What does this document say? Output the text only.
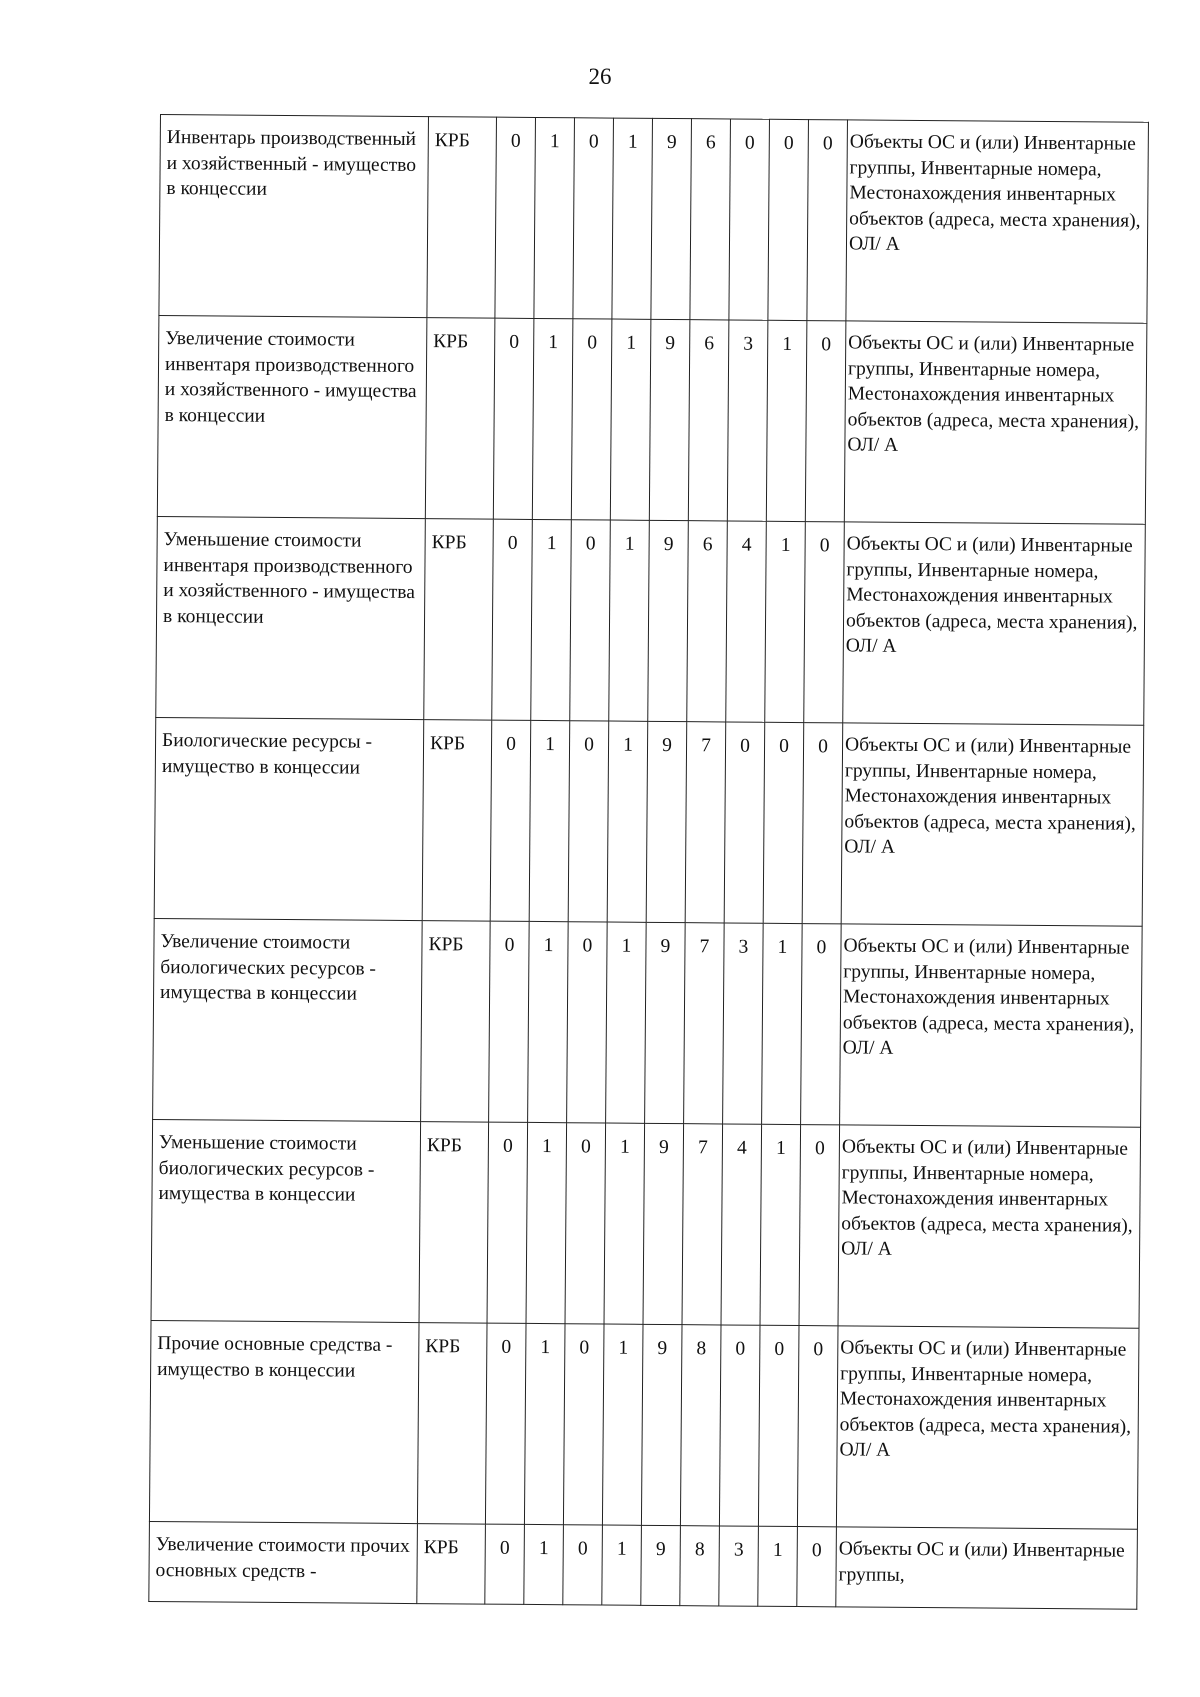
26
Инвентарь производственный и хозяйственный - имущество в концессии	КРБ	0	1	0	1	9	6	0	0	0	Объекты ОС и (или) Инвентарные группы, Инвентарные номера, Местонахождения инвентарных объектов (адреса, места хранения), ОЛ/ А
Увеличение стоимости инвентаря производственного и хозяйственного - имущества в концессии	КРБ	0	1	0	1	9	6	3	1	0	Объекты ОС и (или) Инвентарные группы, Инвентарные номера, Местонахождения инвентарных объектов (адреса, места хранения), ОЛ/ А
Уменьшение стоимости инвентаря производственного и хозяйственного - имущества в концессии	КРБ	0	1	0	1	9	6	4	1	0	Объекты ОС и (или) Инвентарные группы, Инвентарные номера, Местонахождения инвентарных объектов (адреса, места хранения), ОЛ/ А
Биологические ресурсы - имущество в концессии	КРБ	0	1	0	1	9	7	0	0	0	Объекты ОС и (или) Инвентарные группы, Инвентарные номера, Местонахождения инвентарных объектов (адреса, места хранения), ОЛ/ А
Увеличение стоимости биологических ресурсов - имущества в концессии	КРБ	0	1	0	1	9	7	3	1	0	Объекты ОС и (или) Инвентарные группы, Инвентарные номера, Местонахождения инвентарных объектов (адреса, места хранения), ОЛ/ А
Уменьшение стоимости биологических ресурсов - имущества в концессии	КРБ	0	1	0	1	9	7	4	1	0	Объекты ОС и (или) Инвентарные группы, Инвентарные номера, Местонахождения инвентарных объектов (адреса, места хранения), ОЛ/ А
Прочие основные средства - имущество в концессии	КРБ	0	1	0	1	9	8	0	0	0	Объекты ОС и (или) Инвентарные группы, Инвентарные номера, Местонахождения инвентарных объектов (адреса, места хранения), ОЛ/ А
Увеличение стоимости прочих основных средств -	КРБ	0	1	0	1	9	8	3	1	0	Объекты ОС и (или) Инвентарные группы,
